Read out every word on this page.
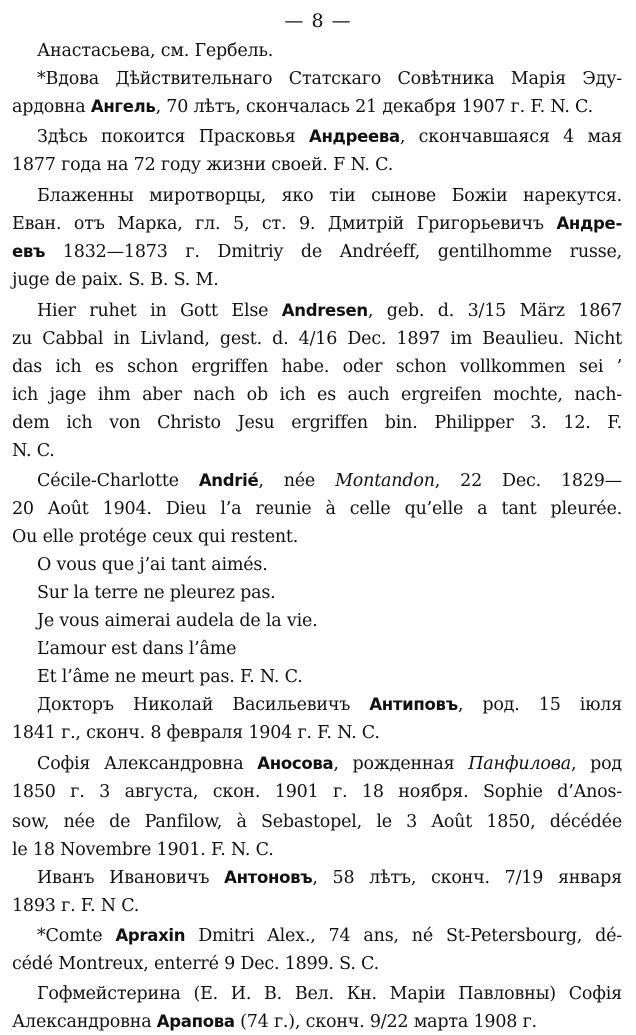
— 8 —
Анастасьева, см. Гербель.
*Вдова Дѣйствительнаго Статскаго Совѣтника Марія Эду-
ардовна Ангель, 70 лѣтъ, скончалась 21 декабря 1907 г. F. N. C.
Здѣсь покоится Прасковья Андреева, скончавшаяся 4 мая
1877 года на 72 году жизни своей. F N. C.
Блаженны миротворцы, яко тіи сынове Божіи нарекутся.
Еван. отъ Марка, гл. 5, ст. 9. Дмитрій Григорьевичъ Андре-
евъ 1832—1873 г. Dmitriy de Andréeff, gentilhomme russe,
juge de paix. S. B. S. M.
Hier ruhet in Gott Else Andresen, geb. d. 3/15 März 1867
zu Cabbal in Livland, gest. d. 4/16 Dec. 1897 im Beaulieu. Nicht
das ich es schon ergriffen habe. oder schon vollkommen sei ’
ich jage ihm aber nach ob ich es auch ergreifen mochte, nach-
dem ich von Christo Jesu ergriffen bin. Philipper 3. 12. F.
N. C.
Cécile-Charlotte Andrié, née Montandon, 22 Dec. 1829—
20 Août 1904. Dieu l’a reunie à celle qu’elle a tant pleurée.
Ou elle protége ceux qui restent.
O vous que j’ai tant aimés.
Sur la terre ne pleurez pas.
Je vous aimerai audela de la vie.
L’amour est dans l’âme
Et l’âme ne meurt pas. F. N. C.
Докторъ Николай Васильевичъ Антиповъ, род. 15 іюля
1841 г., сконч. 8 февраля 1904 г. F. N. C.
Софія Александровна Аносова, рожденная Панфилова, род
1850 г. 3 августа, скон. 1901 г. 18 ноября. Sophie d’Anos-
sow, née de Panfilow, à Sebastopel, le 3 Août 1850, décédée
le 18 Novembre 1901. F. N. C.
Иванъ Ивановичъ Антоновъ, 58 лѣтъ, сконч. 7/19 января
1893 г. F. N C.
*Comte Apraxin Dmitri Alex., 74 ans, né St-Petersbourg, dé-
cédé Montreux, enterré 9 Dec. 1899. S. C.
Гофмейстерина (Е. И. В. Вел. Кн. Маріи Павловны) Софія
Александровна Арапова (74 г.), сконч. 9/22 марта 1908 г.
